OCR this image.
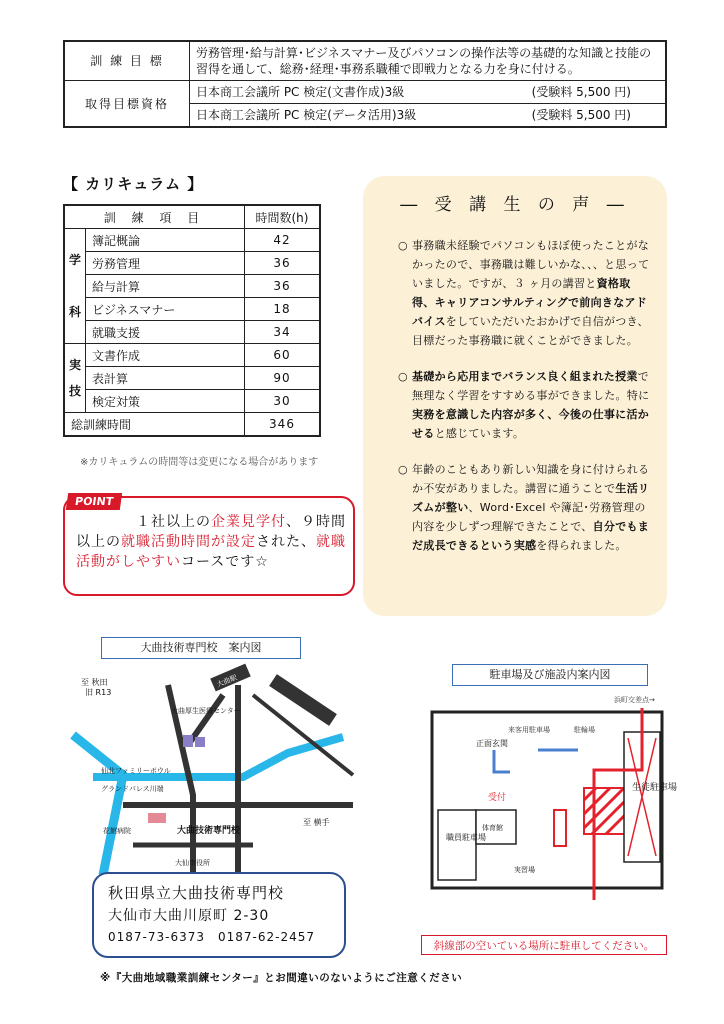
訓 練 目 標	労務管理･給与計算･ビジネスマナー及びパソコンの操作法等の基礎的な知識と技能の習得を通して、総務･経理･事務系職種で即戦力となる力を身に付ける。
取得目標資格	日本商工会議所 PC 検定(文書作成)3級 (受験料 5,500 円)

	日本商工会議所 PC 検定(データ活用)3級 (受験料 5,500 円)
【 カリキュラム 】
訓 練 項 目		時間数(h)
学

科	簿記概論	42
	労務管理	36
	給与計算	36
	ビジネスマナー	18
	就職支援	34
実
技	文書作成	60
	表計算	90
	検定対策	30
総訓練時間		346
※カリキュラムの時間等は変更になる場合があります
POINT
１社以上の企業見学付、９時間以上の就職活動時間が設定された、就職活動がしやすいコースです☆
― 受 講 生 の 声 ―
○ 事務職未経験でパソコンもほぼ使ったことがなかったので、事務職は難しいかな、、、と思っていました。ですが、３ ヶ月の講習と資格取得、キャリアコンサルティングで前向きなアドバイスをしていただいたおかげで自信がつき、目標だった事務職に就くことができました。
○ 基礎から応用までバランス良く組まれた授業で無理なく学習をすすめる事ができました。特に実務を意識した内容が多く、今後の仕事に活かせると感じています。
○ 年齢のこともあり新しい知識を身に付けられるか不安がありました。講習に通うことで生活リズムが整い、Word･Excel や簿記･労務管理の内容を少しずつ理解できたことで、自分でもまだ成長できるという実感を得られました。
大曲技術専門校　案内図
至 秋田
旧 R13
大曲厚生医療センター
仙北ファミリーボウル
グランドパレス川端
花館病院
大仙市役所
大曲技術専門校
至 横手
R13バイパス
大曲駅
秋田県立大曲技術専門校
大仙市大曲川原町 2-30
0187-73-6373　0187-62-2457
駐車場及び施設内案内図
浜町交差点→
来客用駐車場	駐輪場
正面玄関
受付
職員駐車場
体育館
実習場
生徒駐車場
斜線部の空いている場所に駐車してください。
※『大曲地域職業訓練センター』とお間違いのないようにご注意ください
